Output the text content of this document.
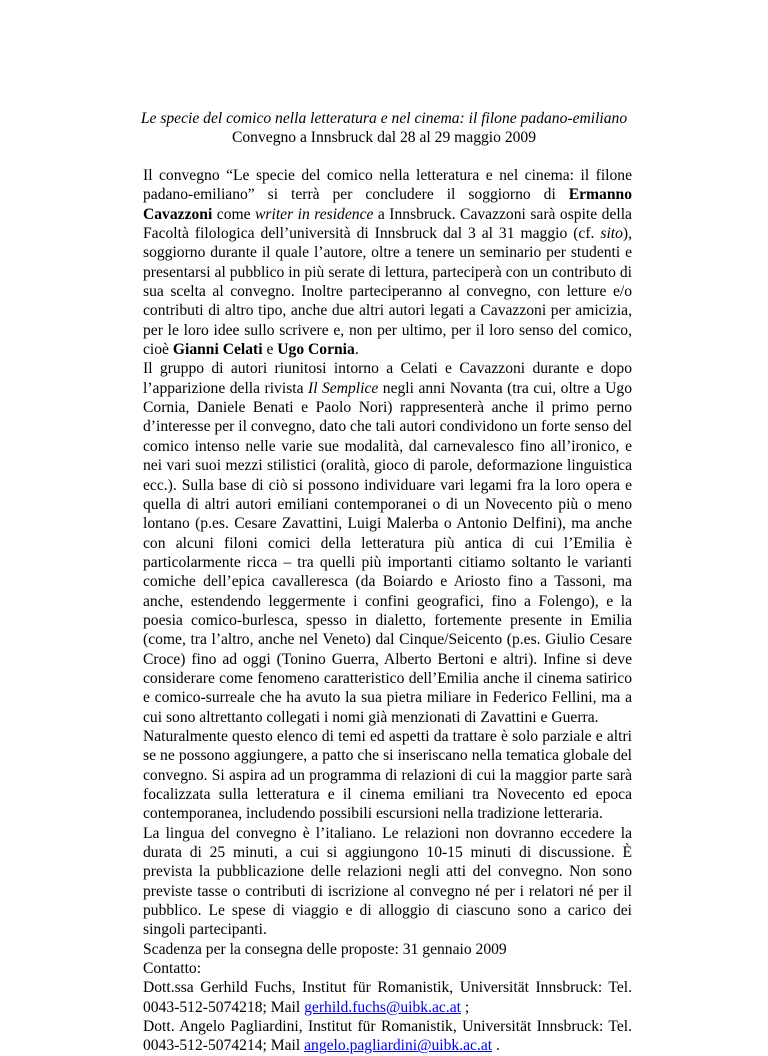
Le specie del comico nella letteratura e nel cinema: il filone padano-emiliano
Convegno a Innsbruck dal 28 al 29 maggio 2009

Il convegno “Le specie del comico nella letteratura e nel cinema: il filone padano-emiliano” si terrà per concludere il soggiorno di Ermanno Cavazzoni come writer in residence a Innsbruck. Cavazzoni sarà ospite della Facoltà filologica dell’università di Innsbruck dal 3 al 31 maggio (cf. sito), soggiorno durante il quale l’autore, oltre a tenere un seminario per studenti e presentarsi al pubblico in più serate di lettura, parteciperà con un contributo di sua scelta al convegno. Inoltre parteciperanno al convegno, con letture e/o contributi di altro tipo, anche due altri autori legati a Cavazzoni per amicizia, per le loro idee sullo scrivere e, non per ultimo, per il loro senso del comico, cioè Gianni Celati e Ugo Cornia.

Il gruppo di autori riunitosi intorno a Celati e Cavazzoni durante e dopo l’apparizione della rivista Il Semplice negli anni Novanta (tra cui, oltre a Ugo Cornia, Daniele Benati e Paolo Nori) rappresenterà anche il primo perno d’interesse per il convegno, dato che tali autori condividono un forte senso del comico intenso nelle varie sue modalità, dal carnevalesco fino all’ironico, e nei vari suoi mezzi stilistici (oralità, gioco di parole, deformazione linguistica ecc.). Sulla base di ciò si possono individuare vari legami fra la loro opera e quella di altri autori emiliani contemporanei o di un Novecento più o meno lontano (p.es. Cesare Zavattini, Luigi Malerba o Antonio Delfini), ma anche con alcuni filoni comici della letteratura più antica di cui l’Emilia è particolarmente ricca – tra quelli più importanti citiamo soltanto le varianti comiche dell’epica cavalleresca (da Boiardo e Ariosto fino a Tassoni, ma anche, estendendo leggermente i confini geografici, fino a Folengo), e la poesia comico-burlesca, spesso in dialetto, fortemente presente in Emilia (come, tra l’altro, anche nel Veneto) dal Cinque/Seicento (p.es. Giulio Cesare Croce) fino ad oggi (Tonino Guerra, Alberto Bertoni e altri). Infine si deve considerare come fenomeno caratteristico dell’Emilia anche il cinema satirico e comico-surreale che ha avuto la sua pietra miliare in Federico Fellini, ma a cui sono altrettanto collegati i nomi già menzionati di Zavattini e Guerra.

Naturalmente questo elenco di temi ed aspetti da trattare è solo parziale e altri se ne possono aggiungere, a patto che si inseriscano nella tematica globale del convegno. Si aspira ad un programma di relazioni di cui la maggior parte sarà focalizzata sulla letteratura e il cinema emiliani tra Novecento ed epoca contemporanea, includendo possibili escursioni nella tradizione letteraria.

La lingua del convegno è l’italiano. Le relazioni non dovranno eccedere la durata di 25 minuti, a cui si aggiungono 10-15 minuti di discussione. È prevista la pubblicazione delle relazioni negli atti del convegno. Non sono previste tasse o contributi di iscrizione al convegno né per i relatori né per il pubblico. Le spese di viaggio e di alloggio di ciascuno sono a carico dei singoli partecipanti.

Scadenza per la consegna delle proposte: 31 gennaio 2009

Contatto:

Dott.ssa Gerhild Fuchs, Institut für Romanistik, Universität Innsbruck: Tel. 0043-512-5074218; Mail gerhild.fuchs@uibk.ac.at ;

Dott. Angelo Pagliardini, Institut für Romanistik, Universität Innsbruck: Tel. 0043-512-5074214; Mail angelo.pagliardini@uibk.ac.at .
